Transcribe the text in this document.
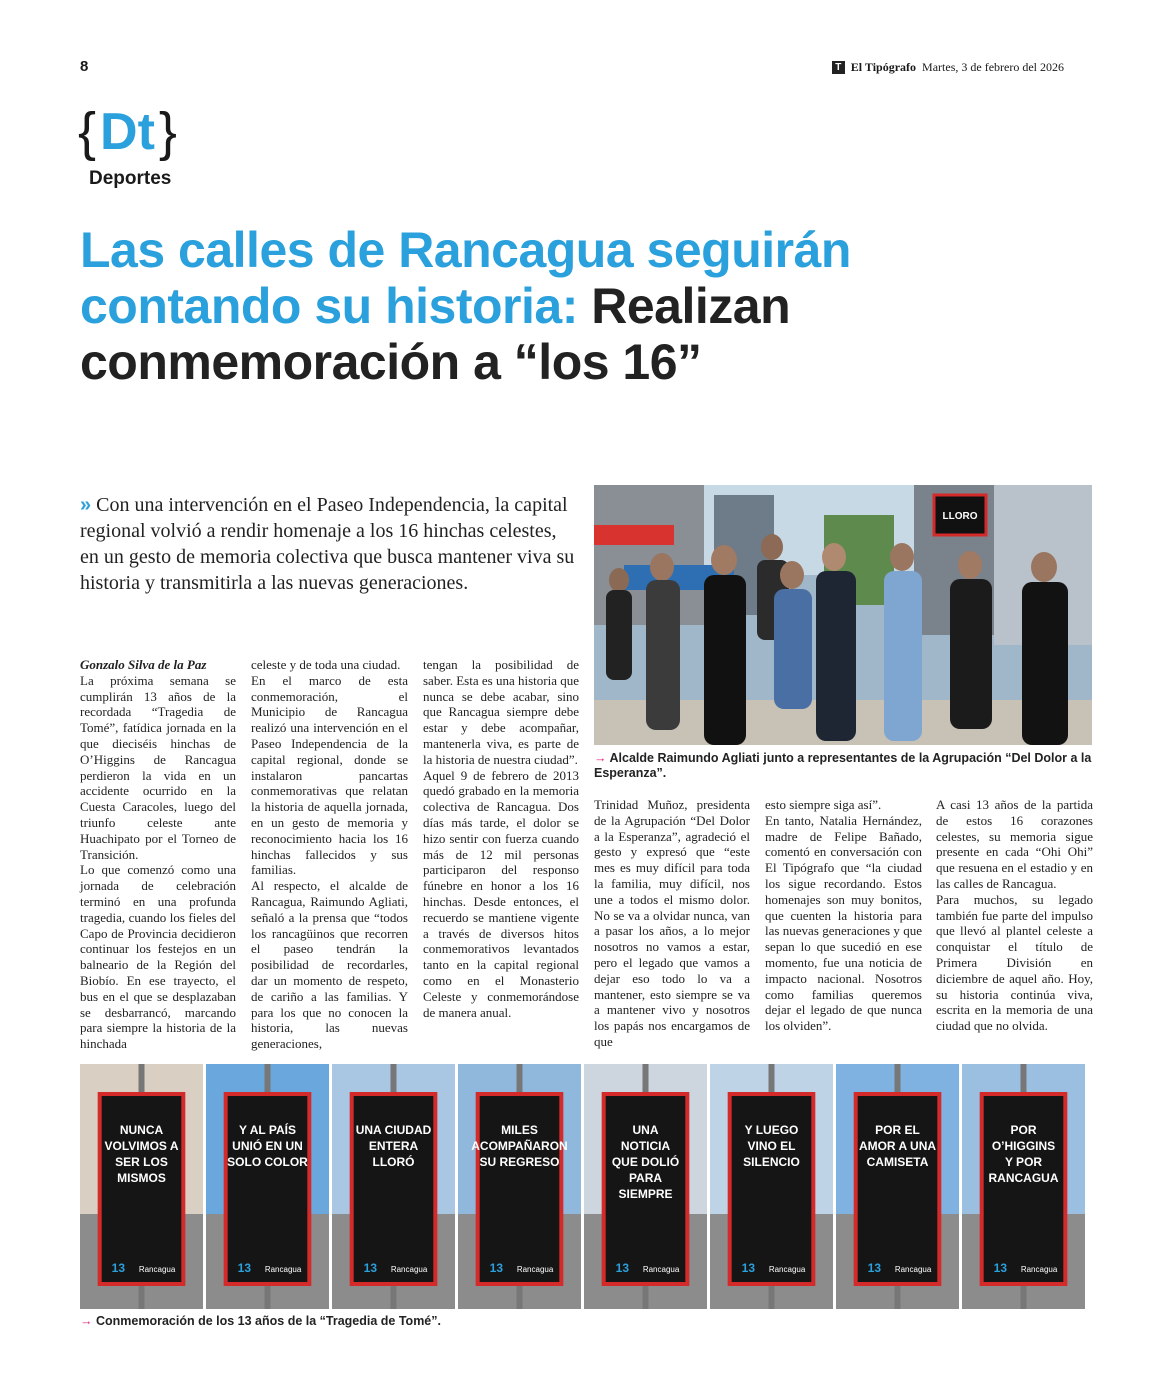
8	T El Tipógrafo Martes, 3 de febrero del 2026
{ Dt }
Deportes
Las calles de Rancagua seguirán contando su historia: Realizan conmemoración a “los 16”
» Con una intervención en el Paseo Independencia, la capital regional volvió a rendir homenaje a los 16 hinchas celestes, en un gesto de memoria colectiva que busca mantener viva su historia y transmitirla a las nuevas generaciones.

Gonzalo Silva de la Paz

La próxima semana se cumplirán 13 años de la recordada “Tragedia de Tomé”, fatídica jornada en la que dieciséis hinchas de O’Higgins de Rancagua perdieron la vida en un accidente ocurrido en la Cuesta Caracoles, luego del triunfo celeste ante Huachipato por el Torneo de Transición.

Lo que comenzó como una jornada de celebración terminó en una profunda tragedia, cuando los fieles del Capo de Provincia decidieron continuar los festejos en un balneario de la Región del Biobío. En ese trayecto, el bus en el que se desplazaban se desbarrancó, marcando para siempre la historia de la hinchada

celeste y de toda una ciudad.

En el marco de esta conmemoración, el Municipio de Rancagua realizó una intervención en el Paseo Independencia de la capital regional, donde se instalaron pancartas conmemorativas que relatan la historia de aquella jornada, en un gesto de memoria y reconocimiento hacia los 16 hinchas fallecidos y sus familias.

Al respecto, el alcalde de Rancagua, Raimundo Agliati, señaló a la prensa que “todos los rancagüinos que recorren el paseo tendrán la posibilidad de recordarles, dar un momento de respeto, de cariño a las familias. Y para los que no conocen la historia, las nuevas generaciones,

tengan la posibilidad de saber. Esta es una historia que nunca se debe acabar, sino que Rancagua siempre debe estar y debe acompañar, mantenerla viva, es parte de la historia de nuestra ciudad”.

Aquel 9 de febrero de 2013 quedó grabado en la memoria colectiva de Rancagua. Dos días más tarde, el dolor se hizo sentir con fuerza cuando más de 12 mil personas participaron del responso fúnebre en honor a los 16 hinchas. Desde entonces, el recuerdo se mantiene vigente a través de diversos hitos conmemorativos levantados tanto en la capital regional como en el Monasterio Celeste y conmemorándose de manera anual.

Trinidad Muñoz, presidenta de la Agrupación “Del Dolor a la Esperanza”, agradeció el gesto y expresó que “este mes es muy difícil para toda la familia, muy difícil, nos une a todos el mismo dolor. No se va a olvidar nunca, van a pasar los años, a lo mejor nosotros no vamos a estar, pero el legado que vamos a dejar eso todo lo va a mantener, esto siempre se va a mantener vivo y nosotros los papás nos encargamos de que

esto siempre siga así”.

En tanto, Natalia Hernández, madre de Felipe Bañado, comentó en conversación con El Tipógrafo que “la ciudad los sigue recordando. Estos homenajes son muy bonitos, que cuenten la historia para las nuevas generaciones y que sepan lo que sucedió en ese momento, fue una noticia de impacto nacional. Nosotros como familias queremos dejar el legado de que nunca los olviden”.

A casi 13 años de la partida de estos 16 corazones celestes, su memoria sigue presente en cada “Ohi Ohi” que resuena en el estadio y en las calles de Rancagua.

Para muchos, su legado también fue parte del impulso que llevó al plantel celeste a conquistar el título de Primera División en diciembre de aquel año. Hoy, su historia continúa viva, escrita en la memoria de una ciudad que no olvida.

LLORO
→ Alcalde Raimundo Agliati junto a representantes de la Agrupación “Del Dolor a la Esperanza”.
NUNCA
VOLVIMOS A
SER LOS
MISMOS
13 Rancagua
Y AL PAÍS
UNIÓ EN UN
SOLO COLOR
13 Rancagua
UNA CIUDAD
ENTERA
LLORÓ
13 Rancagua
MILES
ACOMPAÑARON
SU REGRESO
13 Rancagua
UNA
NOTICIA
QUE DOLIÓ
PARA
SIEMPRE
13 Rancagua
Y LUEGO
VINO EL
SILENCIO
13 Rancagua
POR EL
AMOR A UNA
CAMISETA
13 Rancagua
POR
O’HIGGINS
Y POR
RANCAGUA
13 Rancagua
→ Conmemoración de los 13 años de la “Tragedia de Tomé”.
